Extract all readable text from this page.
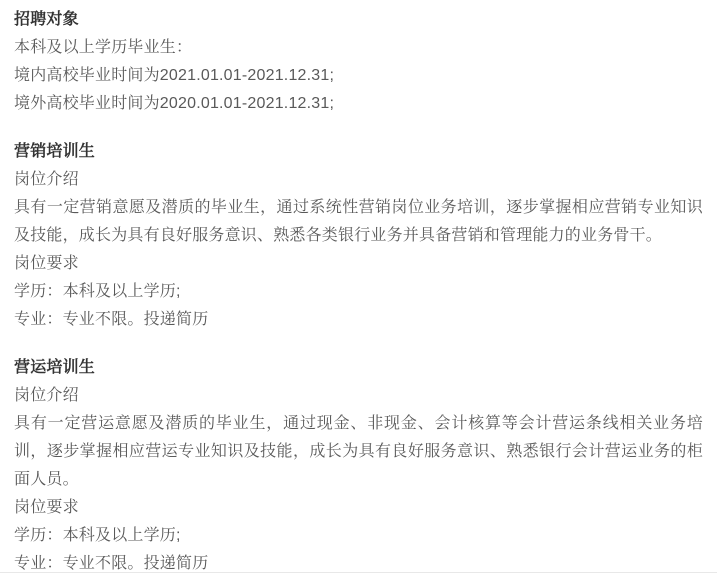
招聘对象

本科及以上学历毕业生：

境内高校毕业时间为2021.01.01-2021.12.31;

境外高校毕业时间为2020.01.01-2021.12.31;

营销培训生

岗位介绍

具有一定营销意愿及潜质的毕业生，通过系统性营销岗位业务培训，逐步掌握相应营销专业知识及技能，成长为具有良好服务意识、熟悉各类银行业务并具备营销和管理能力的业务骨干。

岗位要求

学历：本科及以上学历;

专业：专业不限。投递简历

营运培训生

岗位介绍

具有一定营运意愿及潜质的毕业生，通过现金、非现金、会计核算等会计营运条线相关业务培训，逐步掌握相应营运专业知识及技能，成长为具有良好服务意识、熟悉银行会计营运业务的柜面人员。

岗位要求

学历：本科及以上学历;

专业：专业不限。投递简历
